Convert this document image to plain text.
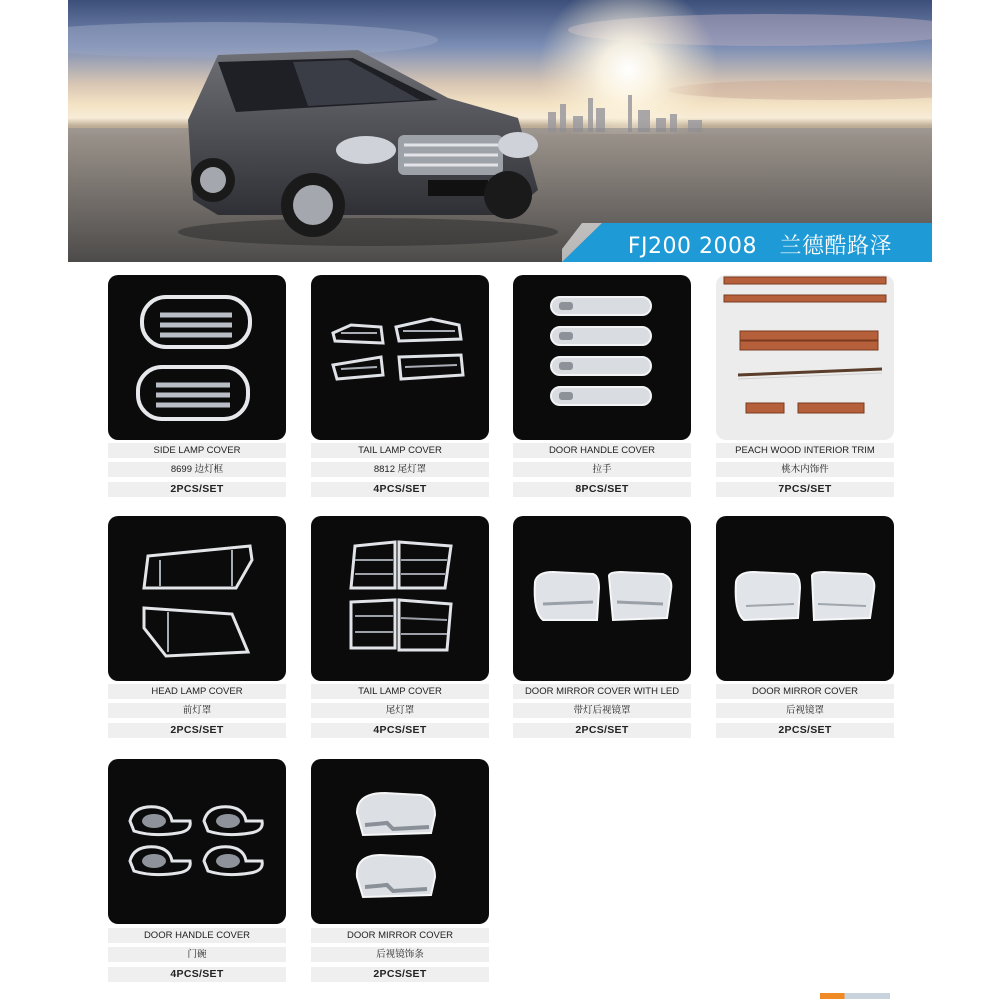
FJ200 2008 兰德酷路泽
SIDE LAMP COVER
8699 边灯框
2PCS/SET
TAIL LAMP COVER
8812 尾灯罩
4PCS/SET
DOOR HANDLE COVER
拉手
8PCS/SET
PEACH WOOD INTERIOR TRIM
桃木内饰件
7PCS/SET
HEAD LAMP COVER
前灯罩
2PCS/SET
TAIL LAMP COVER
尾灯罩
4PCS/SET
DOOR MIRROR COVER WITH LED
带灯后视镜罩
2PCS/SET
DOOR MIRROR COVER
后视镜罩
2PCS/SET
DOOR HANDLE COVER
门碗
4PCS/SET
DOOR MIRROR COVER
后视镜饰条
2PCS/SET
